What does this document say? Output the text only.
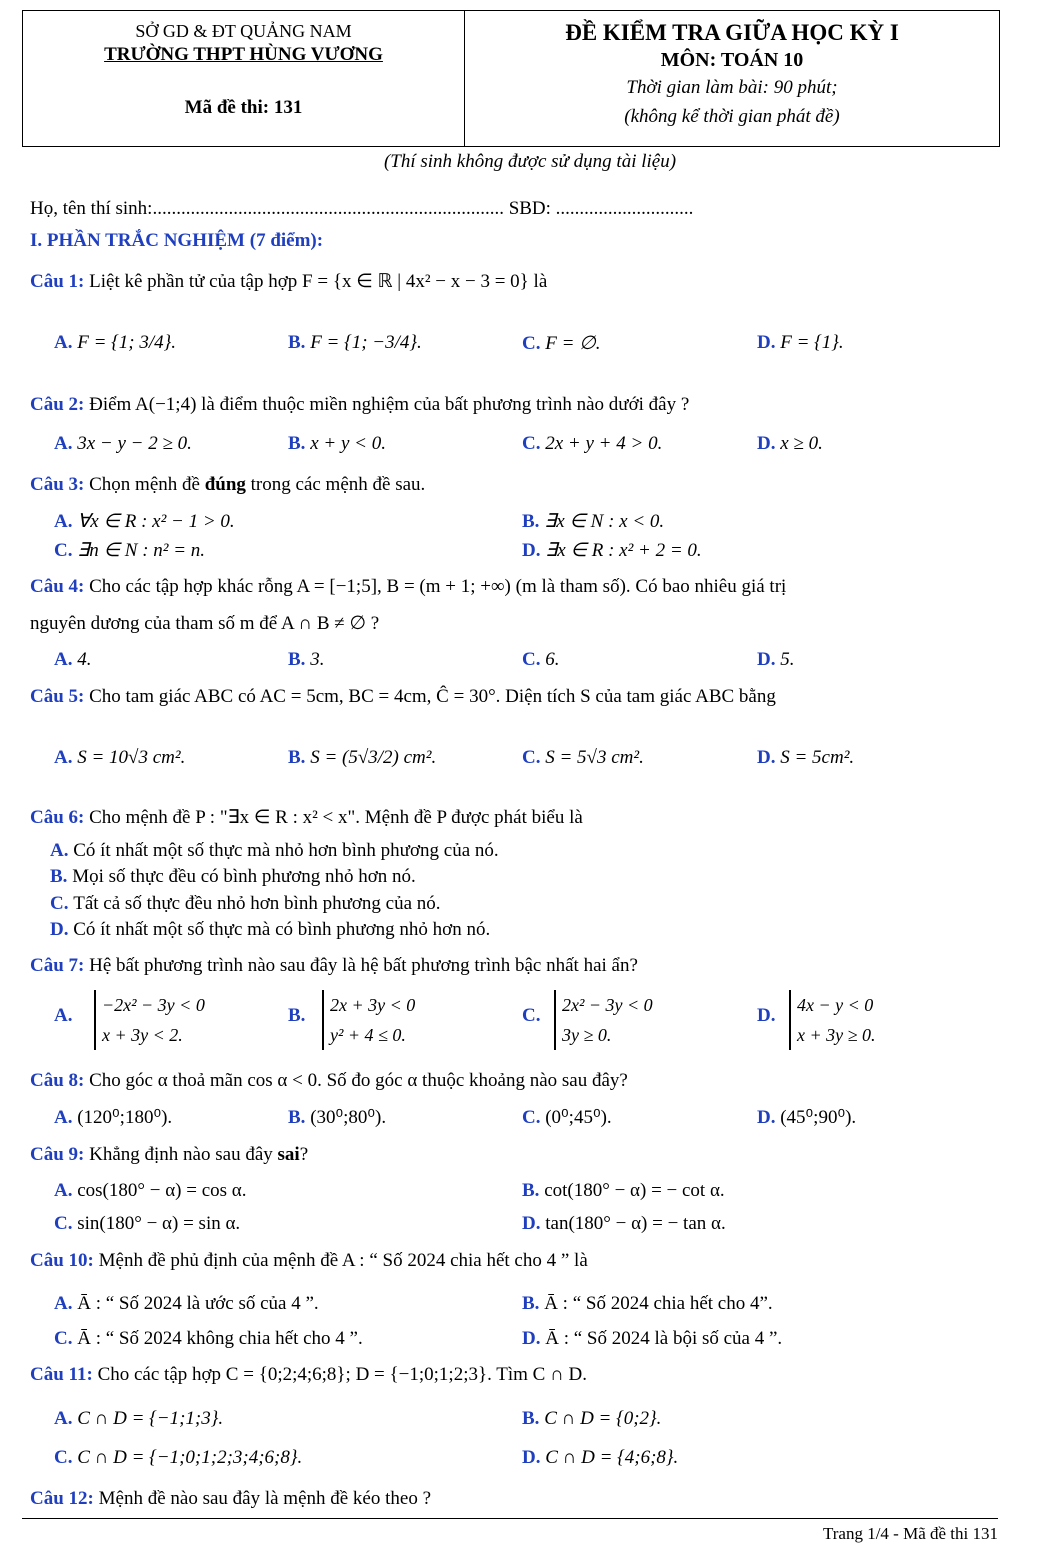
SỞ GD & ĐT QUẢNG NAM
TRƯỜNG THPT HÙNG VƯƠNG
Mã đề thi: 131
ĐỀ KIỂM TRA GIỮA HỌC KỲ I
MÔN: TOÁN 10
Thời gian làm bài: 90 phút;
(không kể thời gian phát đề)
(Thí sinh không được sử dụng tài liệu)
Họ, tên thí sinh:.......................................................................... SBD: .............................
I. PHẦN TRẮC NGHIỆM (7 điểm):
Câu 1: Liệt kê phần tử của tập hợp F = {x ∈ ℝ | 4x² − x − 3 = 0} là
A. F = {1; 3/4}.	B. F = {1; −3/4}.	C. F = ∅.	D. F = {1}.
Câu 2: Điểm A(−1;4) là điểm thuộc miền nghiệm của bất phương trình nào dưới đây ?
A. 3x − y − 2 ≥ 0.	B. x + y < 0.	C. 2x + y + 4 > 0.	D. x ≥ 0.
Câu 3: Chọn mệnh đề đúng trong các mệnh đề sau.
A. ∀x ∈ R : x² − 1 > 0.	B. ∃x ∈ N : x < 0.
C. ∃n ∈ N : n² = n.	D. ∃x ∈ R : x² + 2 = 0.
Câu 4: Cho các tập hợp khác rỗng A = [−1;5], B = (m + 1; +∞) (m là tham số). Có bao nhiêu giá trị
nguyên dương của tham số m để A ∩ B ≠ ∅ ?
A. 4.	B. 3.	C. 6.	D. 5.
Câu 5: Cho tam giác ABC có AC = 5cm, BC = 4cm, Ĉ = 30°. Diện tích S của tam giác ABC bằng
A. S = 10√3 cm².	B. S = (5√3/2) cm².	C. S = 5√3 cm².	D. S = 5cm².
Câu 6: Cho mệnh đề P : "∃x ∈ R : x² < x". Mệnh đề P được phát biểu là
A. Có ít nhất một số thực mà nhỏ hơn bình phương của nó.
B. Mọi số thực đều có bình phương nhỏ hơn nó.
C. Tất cả số thực đều nhỏ hơn bình phương của nó.
D. Có ít nhất một số thực mà có bình phương nhỏ hơn nó.
Câu 7: Hệ bất phương trình nào sau đây là hệ bất phương trình bậc nhất hai ẩn?
A. −2x² − 3y < 0
x + 3y < 2.
B. 2x + 3y < 0
y² + 4 ≤ 0.
C. 2x² − 3y < 0
3y ≥ 0.
D. 4x − y < 0
x + 3y ≥ 0.
Câu 8: Cho góc α thoả mãn cos α < 0. Số đo góc α thuộc khoảng nào sau đây?
A. (120⁰;180⁰).	B. (30⁰;80⁰).	C. (0⁰;45⁰).	D. (45⁰;90⁰).
Câu 9: Khẳng định nào sau đây sai?
A. cos(180° − α) = cos α.	B. cot(180° − α) = − cot α.
C. sin(180° − α) = sin α.	D. tan(180° − α) = − tan α.
Câu 10: Mệnh đề phủ định của mệnh đề A : “ Số 2024 chia hết cho 4 ” là
A. Ā : “ Số 2024 là ước số của 4 ”.	B. Ā : “ Số 2024 chia hết cho 4”.
C. Ā : “ Số 2024 không chia hết cho 4 ”.	D. Ā : “ Số 2024 là bội số của 4 ”.
Câu 11: Cho các tập hợp C = {0;2;4;6;8}; D = {−1;0;1;2;3}. Tìm C ∩ D.
A. C ∩ D = {−1;1;3}.	B. C ∩ D = {0;2}.
C. C ∩ D = {−1;0;1;2;3;4;6;8}.	D. C ∩ D = {4;6;8}.
Câu 12: Mệnh đề nào sau đây là mệnh đề kéo theo ?
Trang 1/4 - Mã đề thi 131
